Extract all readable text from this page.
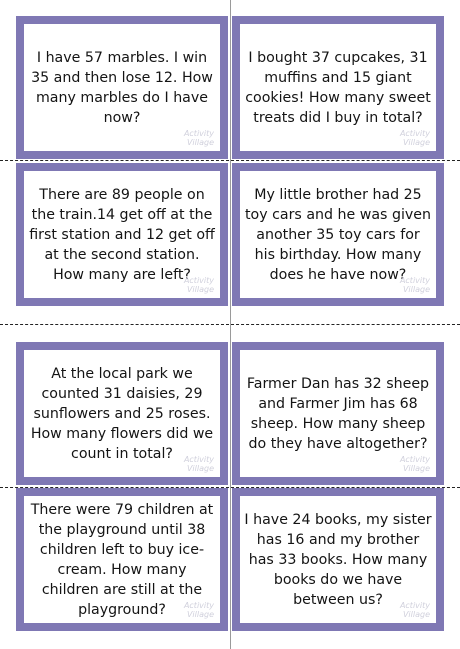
I have 57 marbles. I win 35 and then lose 12. How many marbles do I have now?
Activity
Village
I bought 37 cupcakes, 31 muffins and 15 giant cookies! How many sweet treats did I buy in total?
Activity
Village
There are 89 people on the train.14 get off at the first station and 12 get off at the second station. How many are left?
Activity
Village
My little brother had 25 toy cars and he was given another 35 toy cars for his birthday. How many does he have now?
Activity
Village
At the local park we counted 31 daisies, 29 sunflowers and 25 roses. How many flowers did we count in total?	Activity
Village
Farmer Dan has 32 sheep and Farmer Jim has 68 sheep. How many sheep do they have altogether?
Activity
Village
There were 79 children at the playground until 38 children left to buy ice-cream. How many children are still at the playground?	Activity
Village
I have 24 books, my sister has 16 and my brother has 33 books. How many books do we have between us?	Activity
Village
